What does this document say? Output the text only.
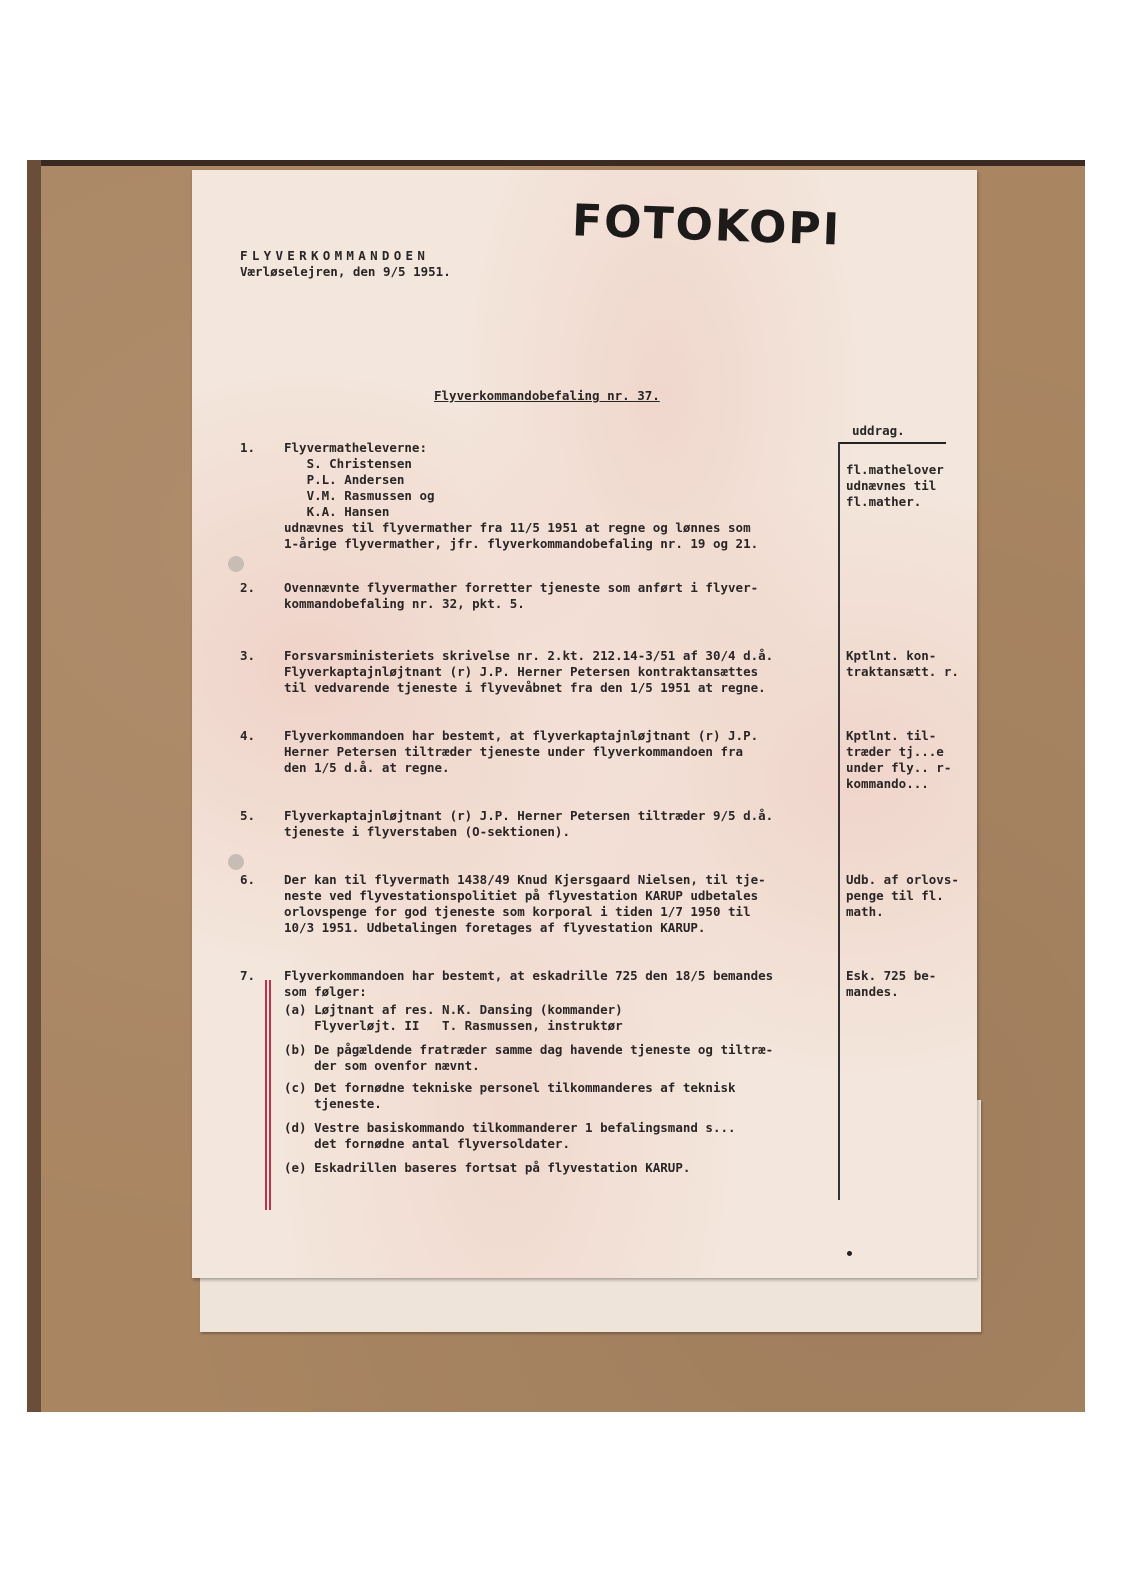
FOTOKOPI
FLYVERKOMMANDOEN
Værløselejren, den 9/5 1951.
Flyverkommandobefaling nr. 37.
uddrag.
1. Flyvermatheleverne:
S. Christensen
P.L. Andersen
V.M. Rasmussen og
K.A. Hansen
udnævnes til flyvermather fra 11/5 1951 at regne og lønnes som
1-årige flyvermather, jfr. flyverkommandobefaling nr. 19 og 21.
fl.mathelover
udnævnes til
fl.mather.
2. Ovennævnte flyvermather forretter tjeneste som anført i flyver-
kommandobefaling nr. 32, pkt. 5.
3. Forsvarsministeriets skrivelse nr. 2.kt. 212.14-3/51 af 30/4 d.å.
Flyverkaptajnløjtnant (r) J.P. Herner Petersen kontraktansættes
til vedvarende tjeneste i flyvevåbnet fra den 1/5 1951 at regne.
Kptlnt. kon-
traktansætt. r.
4. Flyverkommandoen har bestemt, at flyverkaptajnløjtnant (r) J.P.
Herner Petersen tiltræder tjeneste under flyverkommandoen fra
den 1/5 d.å. at regne.
Kptlnt. til-
træder tj...e
under fly.. r-
kommando...
5. Flyverkaptajnløjtnant (r) J.P. Herner Petersen tiltræder 9/5 d.å.
tjeneste i flyverstaben (O-sektionen).
6. Der kan til flyvermath 1438/49 Knud Kjersgaard Nielsen, til tje-
neste ved flyvestationspolitiet på flyvestation KARUP udbetales
orlovspenge for god tjeneste som korporal i tiden 1/7 1950 til
10/3 1951. Udbetalingen foretages af flyvestation KARUP.
Udb. af orlovs-
penge til fl.
math.
7. Flyverkommandoen har bestemt, at eskadrille 725 den 18/5 bemandes
som følger:
Esk. 725 be-
mandes.
(a) Løjtnant af res. N.K. Dansing (kommander)
Flyverløjt. II   T. Rasmussen, instruktør
(b) De pågældende fratræder samme dag havende tjeneste og tiltræ-
der som ovenfor nævnt.
(c) Det fornødne tekniske personel tilkommanderes af teknisk
tjeneste.
(d) Vestre basiskommando tilkommanderer 1 befalingsmand s...
det fornødne antal flyversoldater.
(e) Eskadrillen baseres fortsat på flyvestation KARUP.
